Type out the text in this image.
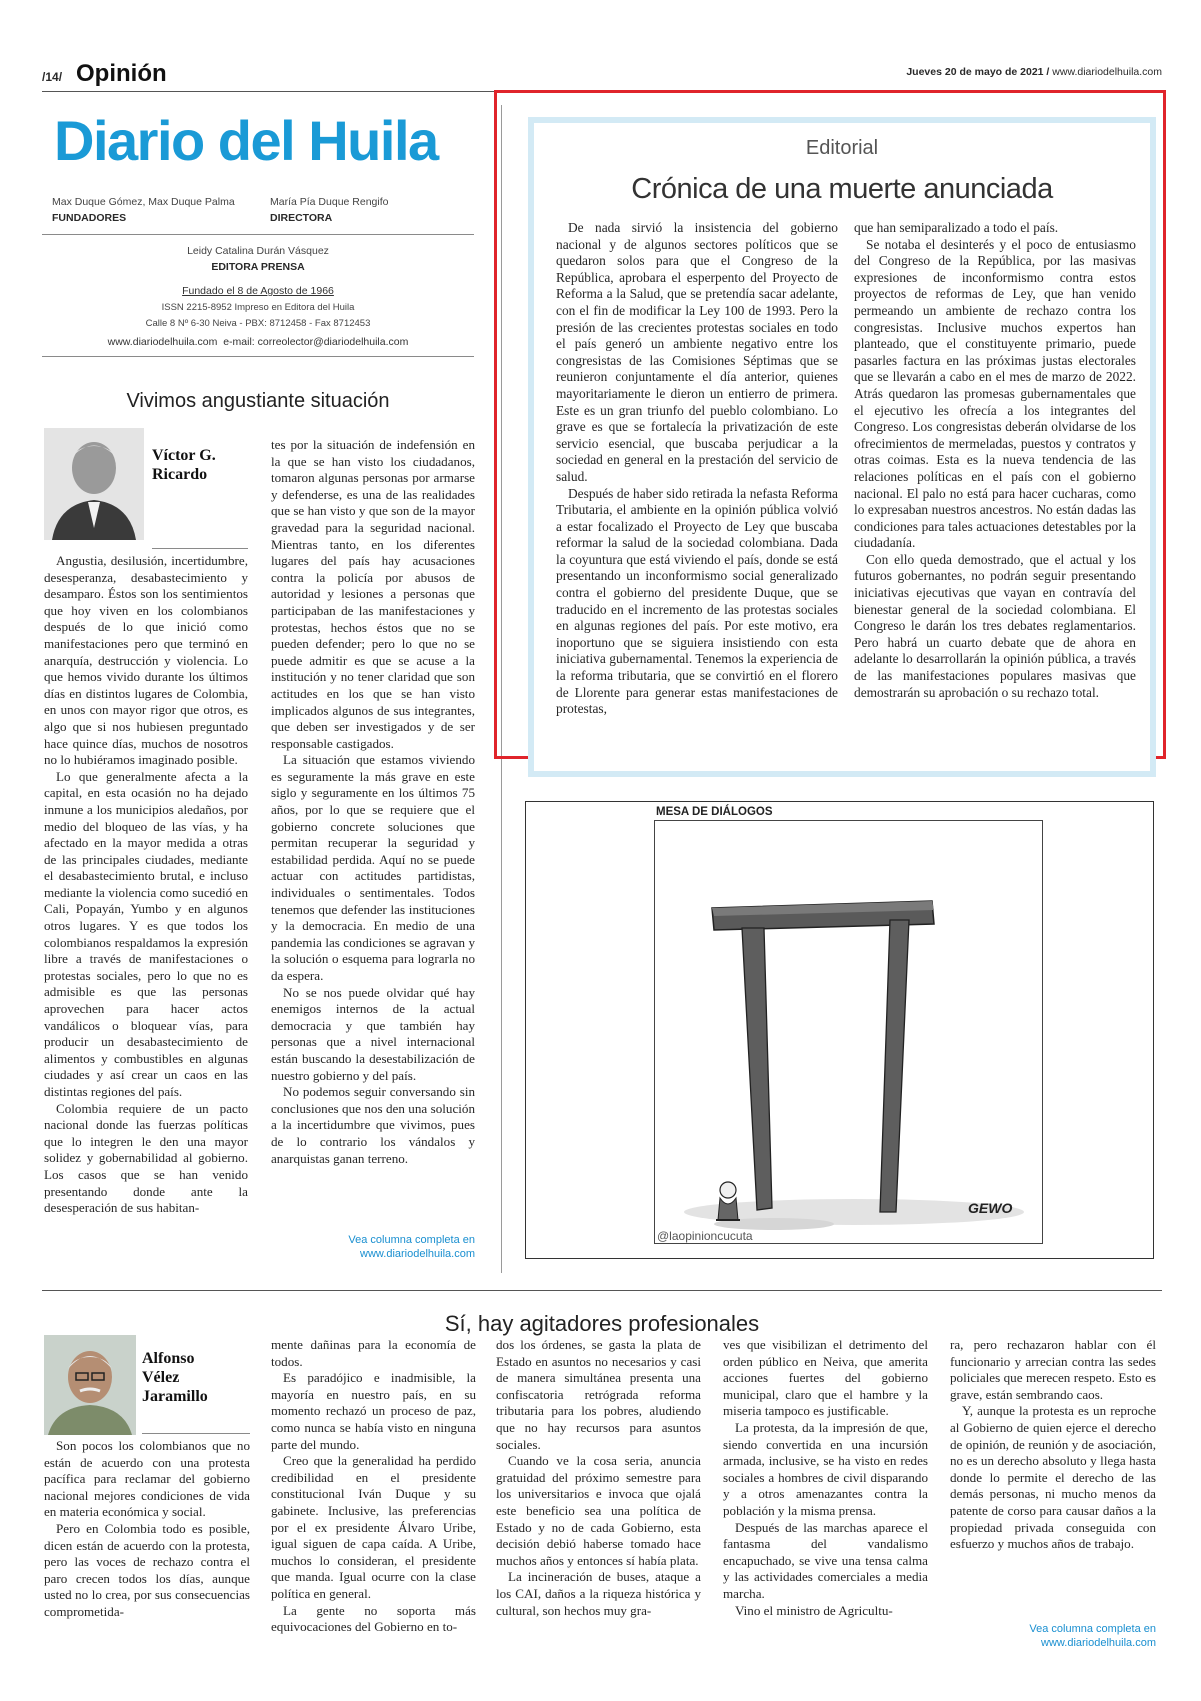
/14/ Opinión	Jueves 20 de mayo de 2021 / www.diariodelhuila.com
Diario del Huila
Max Duque Gómez, Max Duque Palma
FUNDADORES
María Pía Duque Rengifo
DIRECTORA
Leidy Catalina Durán Vásquez
EDITORA PRENSA
Fundado el 8 de Agosto de 1966
ISSN 2215-8952 Impreso en Editora del Huila
Calle 8 Nº 6-30 Neiva - PBX: 8712458 - Fax 8712453
www.diariodelhuila.com e-mail: correolector@diariodelhuila.com
Vivimos angustiante situación
Víctor G.
Ricardo

Angustia, desilusión, incertidumbre, desesperanza, desabastecimiento y desamparo. Éstos son los sentimientos que hoy viven en los colombianos después de lo que inició como manifestaciones pero que terminó en anarquía, destrucción y violencia. Lo que hemos vivido durante los últimos días en distintos lugares de Colombia, en unos con mayor rigor que otros, es algo que si nos hubiesen preguntado hace quince días, muchos de nosotros no lo hubiéramos imaginado posible.

Lo que generalmente afecta a la capital, en esta ocasión no ha dejado inmune a los municipios aledaños, por medio del bloqueo de las vías, y ha afectado en la mayor medida a otras de las principales ciudades, mediante el desabastecimiento brutal, e incluso mediante la violencia como sucedió en Cali, Popayán, Yumbo y en algunos otros lugares. Y es que todos los colombianos respaldamos la expresión libre a través de manifestaciones o protestas sociales, pero lo que no es admisible es que las personas aprovechen para hacer actos vandálicos o bloquear vías, para producir un desabastecimiento de alimentos y combustibles en algunas ciudades y así crear un caos en las distintas regiones del país.

Colombia requiere de un pacto nacional donde las fuerzas políticas que lo integren le den una mayor solidez y gobernabilidad al gobierno. Los casos que se han venido presentando donde ante la desesperación de sus habitan-

tes por la situación de indefensión en la que se han visto los ciudadanos, tomaron algunas personas por armarse y defenderse, es una de las realidades que se han visto y que son de la mayor gravedad para la seguridad nacional. Mientras tanto, en los diferentes lugares del país hay acusaciones contra la policía por abusos de autoridad y lesiones a personas que participaban de las manifestaciones y protestas, hechos éstos que no se pueden defender; pero lo que no se puede admitir es que se acuse a la institución y no tener claridad que son actitudes en los que se han visto implicados algunos de sus integrantes, que deben ser investigados y de ser responsable castigados.

La situación que estamos viviendo es seguramente la más grave en este siglo y seguramente en los últimos 75 años, por lo que se requiere que el gobierno concrete soluciones que permitan recuperar la seguridad y estabilidad perdida. Aquí no se puede actuar con actitudes partidistas, individuales o sentimentales. Todos tenemos que defender las instituciones y la democracia. En medio de una pandemia las condiciones se agravan y la solución o esquema para lograrla no da espera.

No se nos puede olvidar qué hay enemigos internos de la actual democracia y que también hay personas que a nivel internacional están buscando la desestabilización de nuestro gobierno y del país.

No podemos seguir conversando sin conclusiones que nos den una solución a la incertidumbre que vivimos, pues de lo contrario los vándalos y anarquistas ganan terreno.

Vea columna completa en
www.diariodelhuila.com
Editorial
Crónica de una muerte anunciada

De nada sirvió la insistencia del gobierno nacional y de algunos sectores políticos que se quedaron solos para que el Congreso de la República, aprobara el esperpento del Proyecto de Reforma a la Salud, que se pretendía sacar adelante, con el fin de modificar la Ley 100 de 1993. Pero la presión de las crecientes protestas sociales en todo el país generó un ambiente negativo entre los congresistas de las Comisiones Séptimas que se reunieron conjuntamente el día anterior, quienes mayoritariamente le dieron un entierro de primera. Este es un gran triunfo del pueblo colombiano. Lo grave es que se fortalecía la privatización de este servicio esencial, que buscaba perjudicar a la sociedad en general en la prestación del servicio de salud.

Después de haber sido retirada la nefasta Reforma Tributaria, el ambiente en la opinión pública volvió a estar focalizado el Proyecto de Ley que buscaba reformar la salud de la sociedad colombiana. Dada la coyuntura que está viviendo el país, donde se está presentando un inconformismo social generalizado contra el gobierno del presidente Duque, que se traducido en el incremento de las protestas sociales en algunas regiones del país. Por este motivo, era inoportuno que se siguiera insistiendo con esta iniciativa gubernamental. Tenemos la experiencia de la reforma tributaria, que se convirtió en el florero de Llorente para generar estas manifestaciones de protestas,

que han semiparalizado a todo el país.

Se notaba el desinterés y el poco de entusiasmo del Congreso de la República, por las masivas expresiones de inconformismo contra estos proyectos de reformas de Ley, que han venido permeando un ambiente de rechazo contra los congresistas. Inclusive muchos expertos han planteado, que el constituyente primario, puede pasarles factura en las próximas justas electorales que se llevarán a cabo en el mes de marzo de 2022. Atrás quedaron las promesas gubernamentales que el ejecutivo les ofrecía a los integrantes del Congreso. Los congresistas deberán olvidarse de los ofrecimientos de mermeladas, puestos y contratos y otras coimas. Esta es la nueva tendencia de las relaciones políticas en el país con el gobierno nacional. El palo no está para hacer cucharas, como lo expresaban nuestros ancestros. No están dadas las condiciones para tales actuaciones detestables por la ciudadanía.

Con ello queda demostrado, que el actual y los futuros gobernantes, no podrán seguir presentando iniciativas ejecutivas que vayan en contravía del bienestar general de la sociedad colombiana. El Congreso le darán los tres debates reglamentarios. Pero habrá un cuarto debate que de ahora en adelante lo desarrollarán la opinión pública, a través de las manifestaciones populares masivas que demostrarán su aprobación o su rechazo total.

MESA DE DIÁLOGOS
GEWO
@laopinioncucuta
Sí, hay agitadores profesionales
Alfonso
Vélez
Jaramillo

Son pocos los colombianos que no están de acuerdo con una protesta pacífica para reclamar del gobierno nacional mejores condiciones de vida en materia económica y social.

Pero en Colombia todo es posible, dicen están de acuerdo con la protesta, pero las voces de rechazo contra el paro crecen todos los días, aunque usted no lo crea, por sus consecuencias comprometida-

mente dañinas para la economía de todos.

Es paradójico e inadmisible, la mayoría en nuestro país, en su momento rechazó un proceso de paz, como nunca se había visto en ninguna parte del mundo.

Creo que la generalidad ha perdido credibilidad en el presidente constitucional Iván Duque y su gabinete. Inclusive, las preferencias por el ex presidente Álvaro Uribe, igual siguen de capa caída. A Uribe, muchos lo consideran, el presidente que manda. Igual ocurre con la clase política en general.

La gente no soporta más equivocaciones del Gobierno en to-

dos los órdenes, se gasta la plata de Estado en asuntos no necesarios y casi de manera simultánea presenta una confiscatoria retrógrada reforma tributaria para los pobres, aludiendo que no hay recursos para asuntos sociales.

Cuando ve la cosa seria, anuncia gratuidad del próximo semestre para los universitarios e invoca que ojalá este beneficio sea una política de Estado y no de cada Gobierno, esta decisión debió haberse tomado hace muchos años y entonces sí había plata.

La incineración de buses, ataque a los CAI, daños a la riqueza histórica y cultural, son hechos muy gra-

ves que visibilizan el detrimento del orden público en Neiva, que amerita acciones fuertes del gobierno municipal, claro que el hambre y la miseria tampoco es justificable.

La protesta, da la impresión de que, siendo convertida en una incursión armada, inclusive, se ha visto en redes sociales a hombres de civil disparando y a otros amenazantes contra la población y la misma prensa.

Después de las marchas aparece el fantasma del vandalismo encapuchado, se vive una tensa calma y las actividades comerciales a media marcha.

Vino el ministro de Agricultu-

ra, pero rechazaron hablar con él funcionario y arrecian contra las sedes policiales que merecen respeto. Esto es grave, están sembrando caos.

Y, aunque la protesta es un reproche al Gobierno de quien ejerce el derecho de opinión, de reunión y de asociación, no es un derecho absoluto y llega hasta donde lo permite el derecho de las demás personas, ni mucho menos da patente de corso para causar daños a la propiedad privada conseguida con esfuerzo y muchos años de trabajo.

Vea columna completa en
www.diariodelhuila.com
